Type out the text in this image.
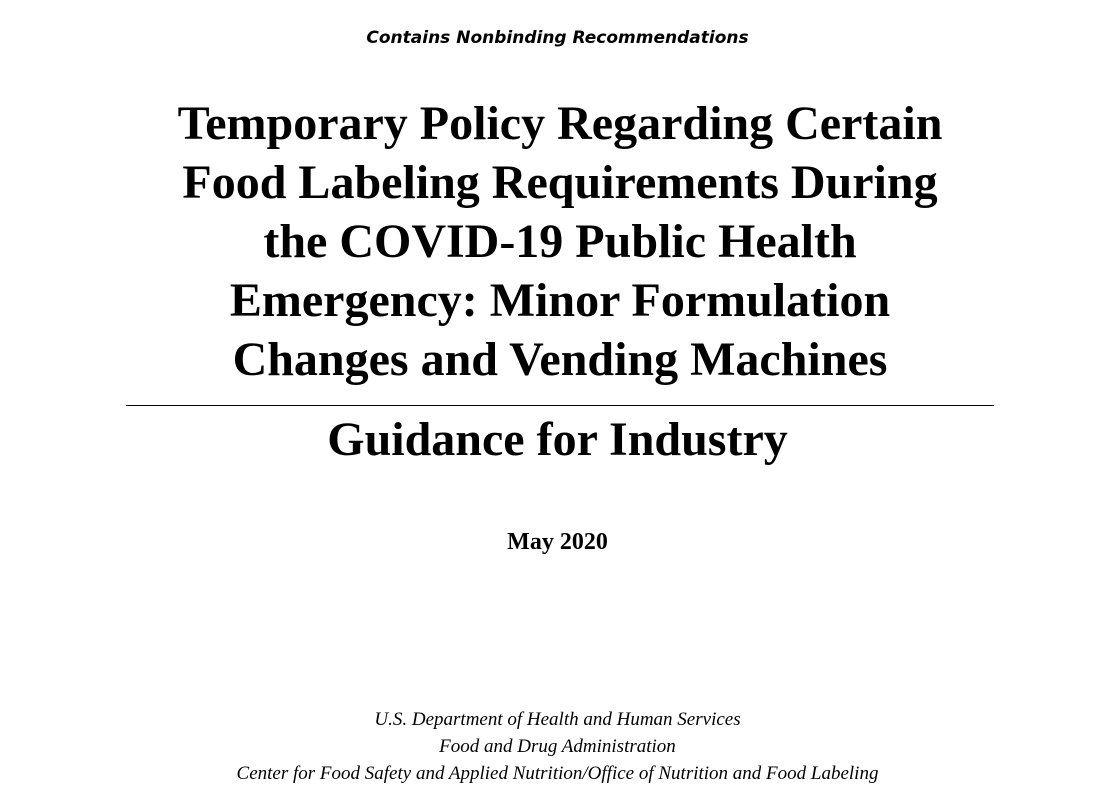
Contains Nonbinding Recommendations
Temporary Policy Regarding Certain
Food Labeling Requirements During
the COVID-19 Public Health
Emergency: Minor Formulation
Changes and Vending Machines
Guidance for Industry
May 2020
U.S. Department of Health and Human Services
Food and Drug Administration
Center for Food Safety and Applied Nutrition/Office of Nutrition and Food Labeling
